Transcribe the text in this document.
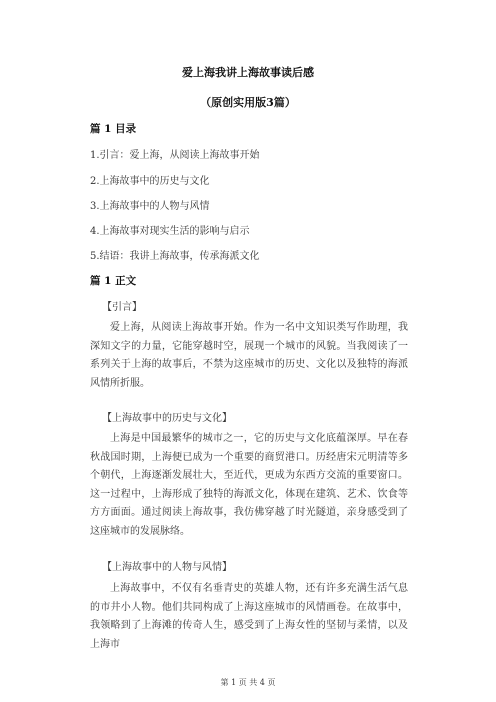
爱上海我讲上海故事读后感
（原创实用版3篇）
篇 1 目录
1.引言：爱上海，从阅读上海故事开始
2.上海故事中的历史与文化
3.上海故事中的人物与风情
4.上海故事对现实生活的影响与启示
5.结语：我讲上海故事，传承海派文化
篇 1 正文
【引言】

爱上海，从阅读上海故事开始。作为一名中文知识类写作助理，我深知文字的力量，它能穿越时空，展现一个城市的风貌。当我阅读了一系列关于上海的故事后，不禁为这座城市的历史、文化以及独特的海派风情所折服。

【上海故事中的历史与文化】

上海是中国最繁华的城市之一，它的历史与文化底蕴深厚。早在春秋战国时期，上海便已成为一个重要的商贸港口。历经唐宋元明清等多个朝代，上海逐渐发展壮大，至近代，更成为东西方交流的重要窗口。这一过程中，上海形成了独特的海派文化，体现在建筑、艺术、饮食等方方面面。通过阅读上海故事，我仿佛穿越了时光隧道，亲身感受到了这座城市的发展脉络。

【上海故事中的人物与风情】

上海故事中，不仅有名垂青史的英雄人物，还有许多充满生活气息的市井小人物。他们共同构成了上海这座城市的风情画卷。在故事中，我领略到了上海滩的传奇人生，感受到了上海女性的坚韧与柔情，以及上海市

第 1 页 共 4 页
